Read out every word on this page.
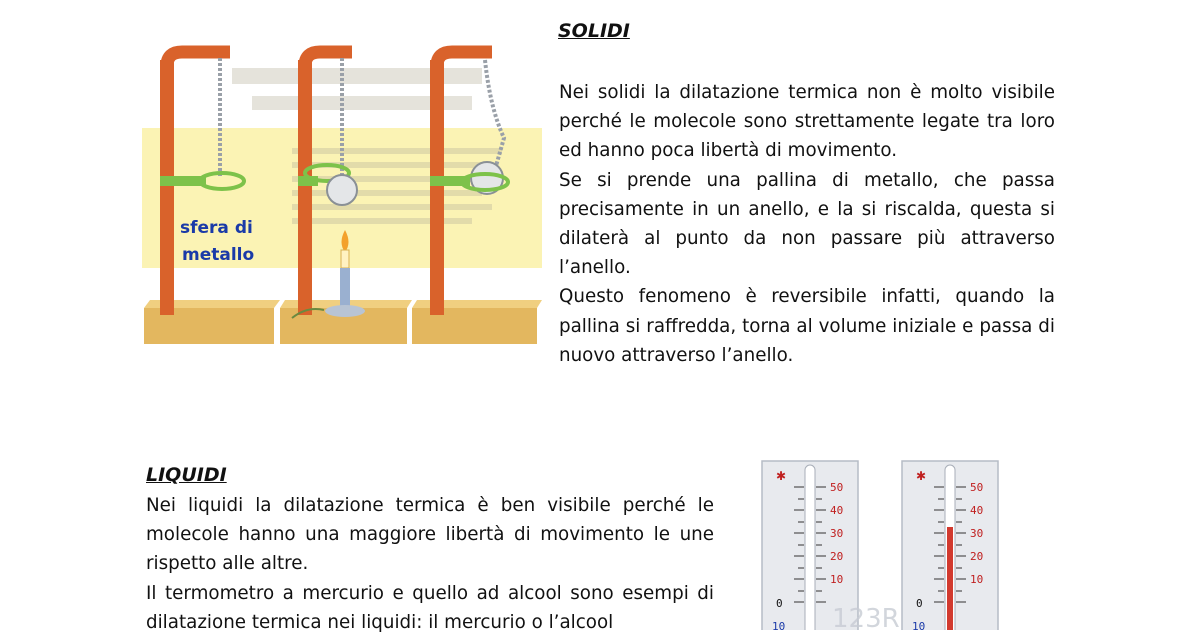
SOLIDI

Nei solidi la dilatazione termica non è molto visibile perché le molecole sono strettamente legate tra loro ed hanno poca libertà di movimento.

Se si prende una pallina di metallo, che passa precisamente in un anello, e la si riscalda, questa si dilaterà al punto da non passare più attraverso l’anello.

Questo fenomeno è reversibile infatti, quando la pallina si raffredda, torna al volume iniziale e passa di nuovo attraverso l’anello.

sfera di
metallo
LIQUIDI

Nei liquidi la dilatazione termica è ben visibile perché le molecole hanno una maggiore libertà di movimento le une rispetto alle altre.

Il termometro a mercurio e quello ad alcool sono esempi di dilatazione termica nei liquidi: il mercurio o l’alcool

✱
50
40
30
20
10
0
10 123R
✱
50
40
30
20
10
0
10
